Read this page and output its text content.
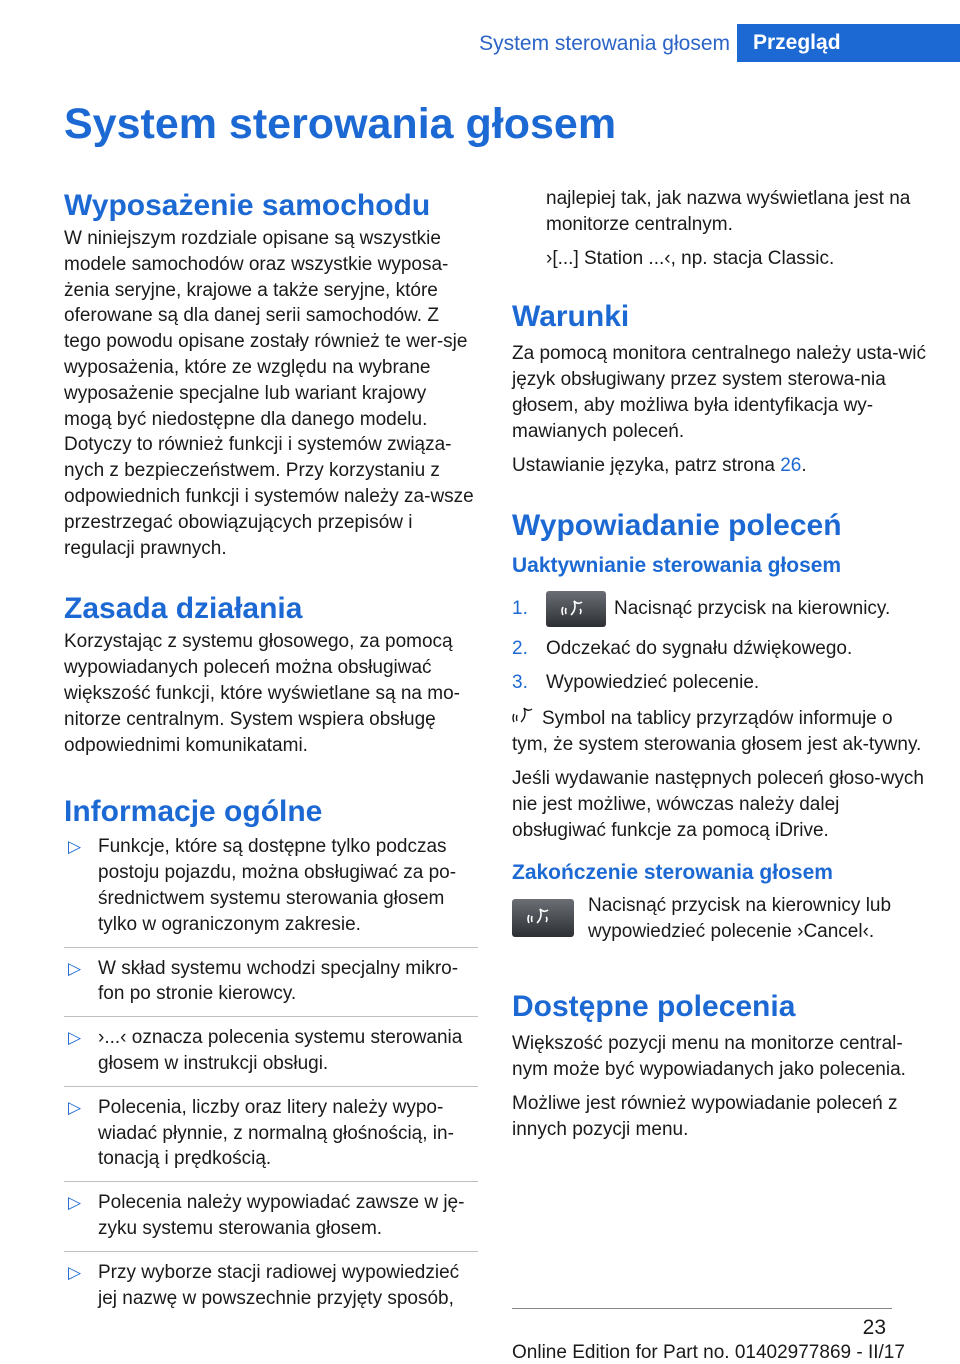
System sterowania głosem	Przegląd
System sterowania głosem
Wyposażenie samochodu

W niniejszym rozdziale opisane są wszystkie modele samochodów oraz wszystkie wyposa‐żenia seryjne, krajowe a także seryjne, które oferowane są dla danej serii samochodów. Z tego powodu opisane zostały również te wer‐sje wyposażenia, które ze względu na wybrane wyposażenie specjalne lub wariant krajowy mogą być niedostępne dla danego modelu. Dotyczy to również funkcji i systemów związa‐nych z bezpieczeństwem. Przy korzystaniu z odpowiednich funkcji i systemów należy za‐wsze przestrzegać obowiązujących przepisów i regulacji prawnych.

Zasada działania

Korzystając z systemu głosowego, za pomocą wypowiadanych poleceń można obsługiwać większość funkcji, które wyświetlane są na mo‐nitorze centralnym. System wspiera obsługę odpowiednimi komunikatami.

Informacje ogólne
▷ Funkcje, które są dostępne tylko podczas postoju pojazdu, można obsługiwać za po‐średnictwem systemu sterowania głosem tylko w ograniczonym zakresie.
▷ W skład systemu wchodzi specjalny mikro‐fon po stronie kierowcy.
▷ ›...‹ oznacza polecenia systemu sterowania głosem w instrukcji obsługi.
▷ Polecenia, liczby oraz litery należy wypo‐wiadać płynnie, z normalną głośnością, in‐tonacją i prędkością.
▷ Polecenia należy wypowiadać zawsze w ję‐zyku systemu sterowania głosem.
▷ Przy wyborze stacji radiowej wypowiedzieć jej nazwę w powszechnie przyjęty sposób,

najlepiej tak, jak nazwa wyświetlana jest na monitorze centralnym.

›[...] Station ...‹, np. stacja Classic.

Warunki

Za pomocą monitora centralnego należy usta‐wić język obsługiwany przez system sterowa‐nia głosem, aby możliwa była identyfikacja wy‐mawianych poleceń.

Ustawianie języka, patrz strona 26.

Wypowiadanie poleceń
Uaktywnianie sterowania głosem
1.	Nacisnąć przycisk na kierownicy.
2. Odczekać do sygnału dźwiękowego.
3. Wypowiedzieć polecenie.

Symbol na tablicy przyrządów informuje o tym, że system sterowania głosem jest ak‐tywny.

Jeśli wydawanie następnych poleceń głoso‐wych nie jest możliwe, wówczas należy dalej obsługiwać funkcje za pomocą iDrive.

Zakończenie sterowania głosem

Nacisnąć przycisk na kierownicy lub wypowiedzieć polecenie ›Cancel‹.

Dostępne polecenia

Większość pozycji menu na monitorze central‐nym może być wypowiadanych jako polecenia.

Możliwe jest również wypowiadanie poleceń z innych pozycji menu.

23
Online Edition for Part no. 01402977869 - II/17
